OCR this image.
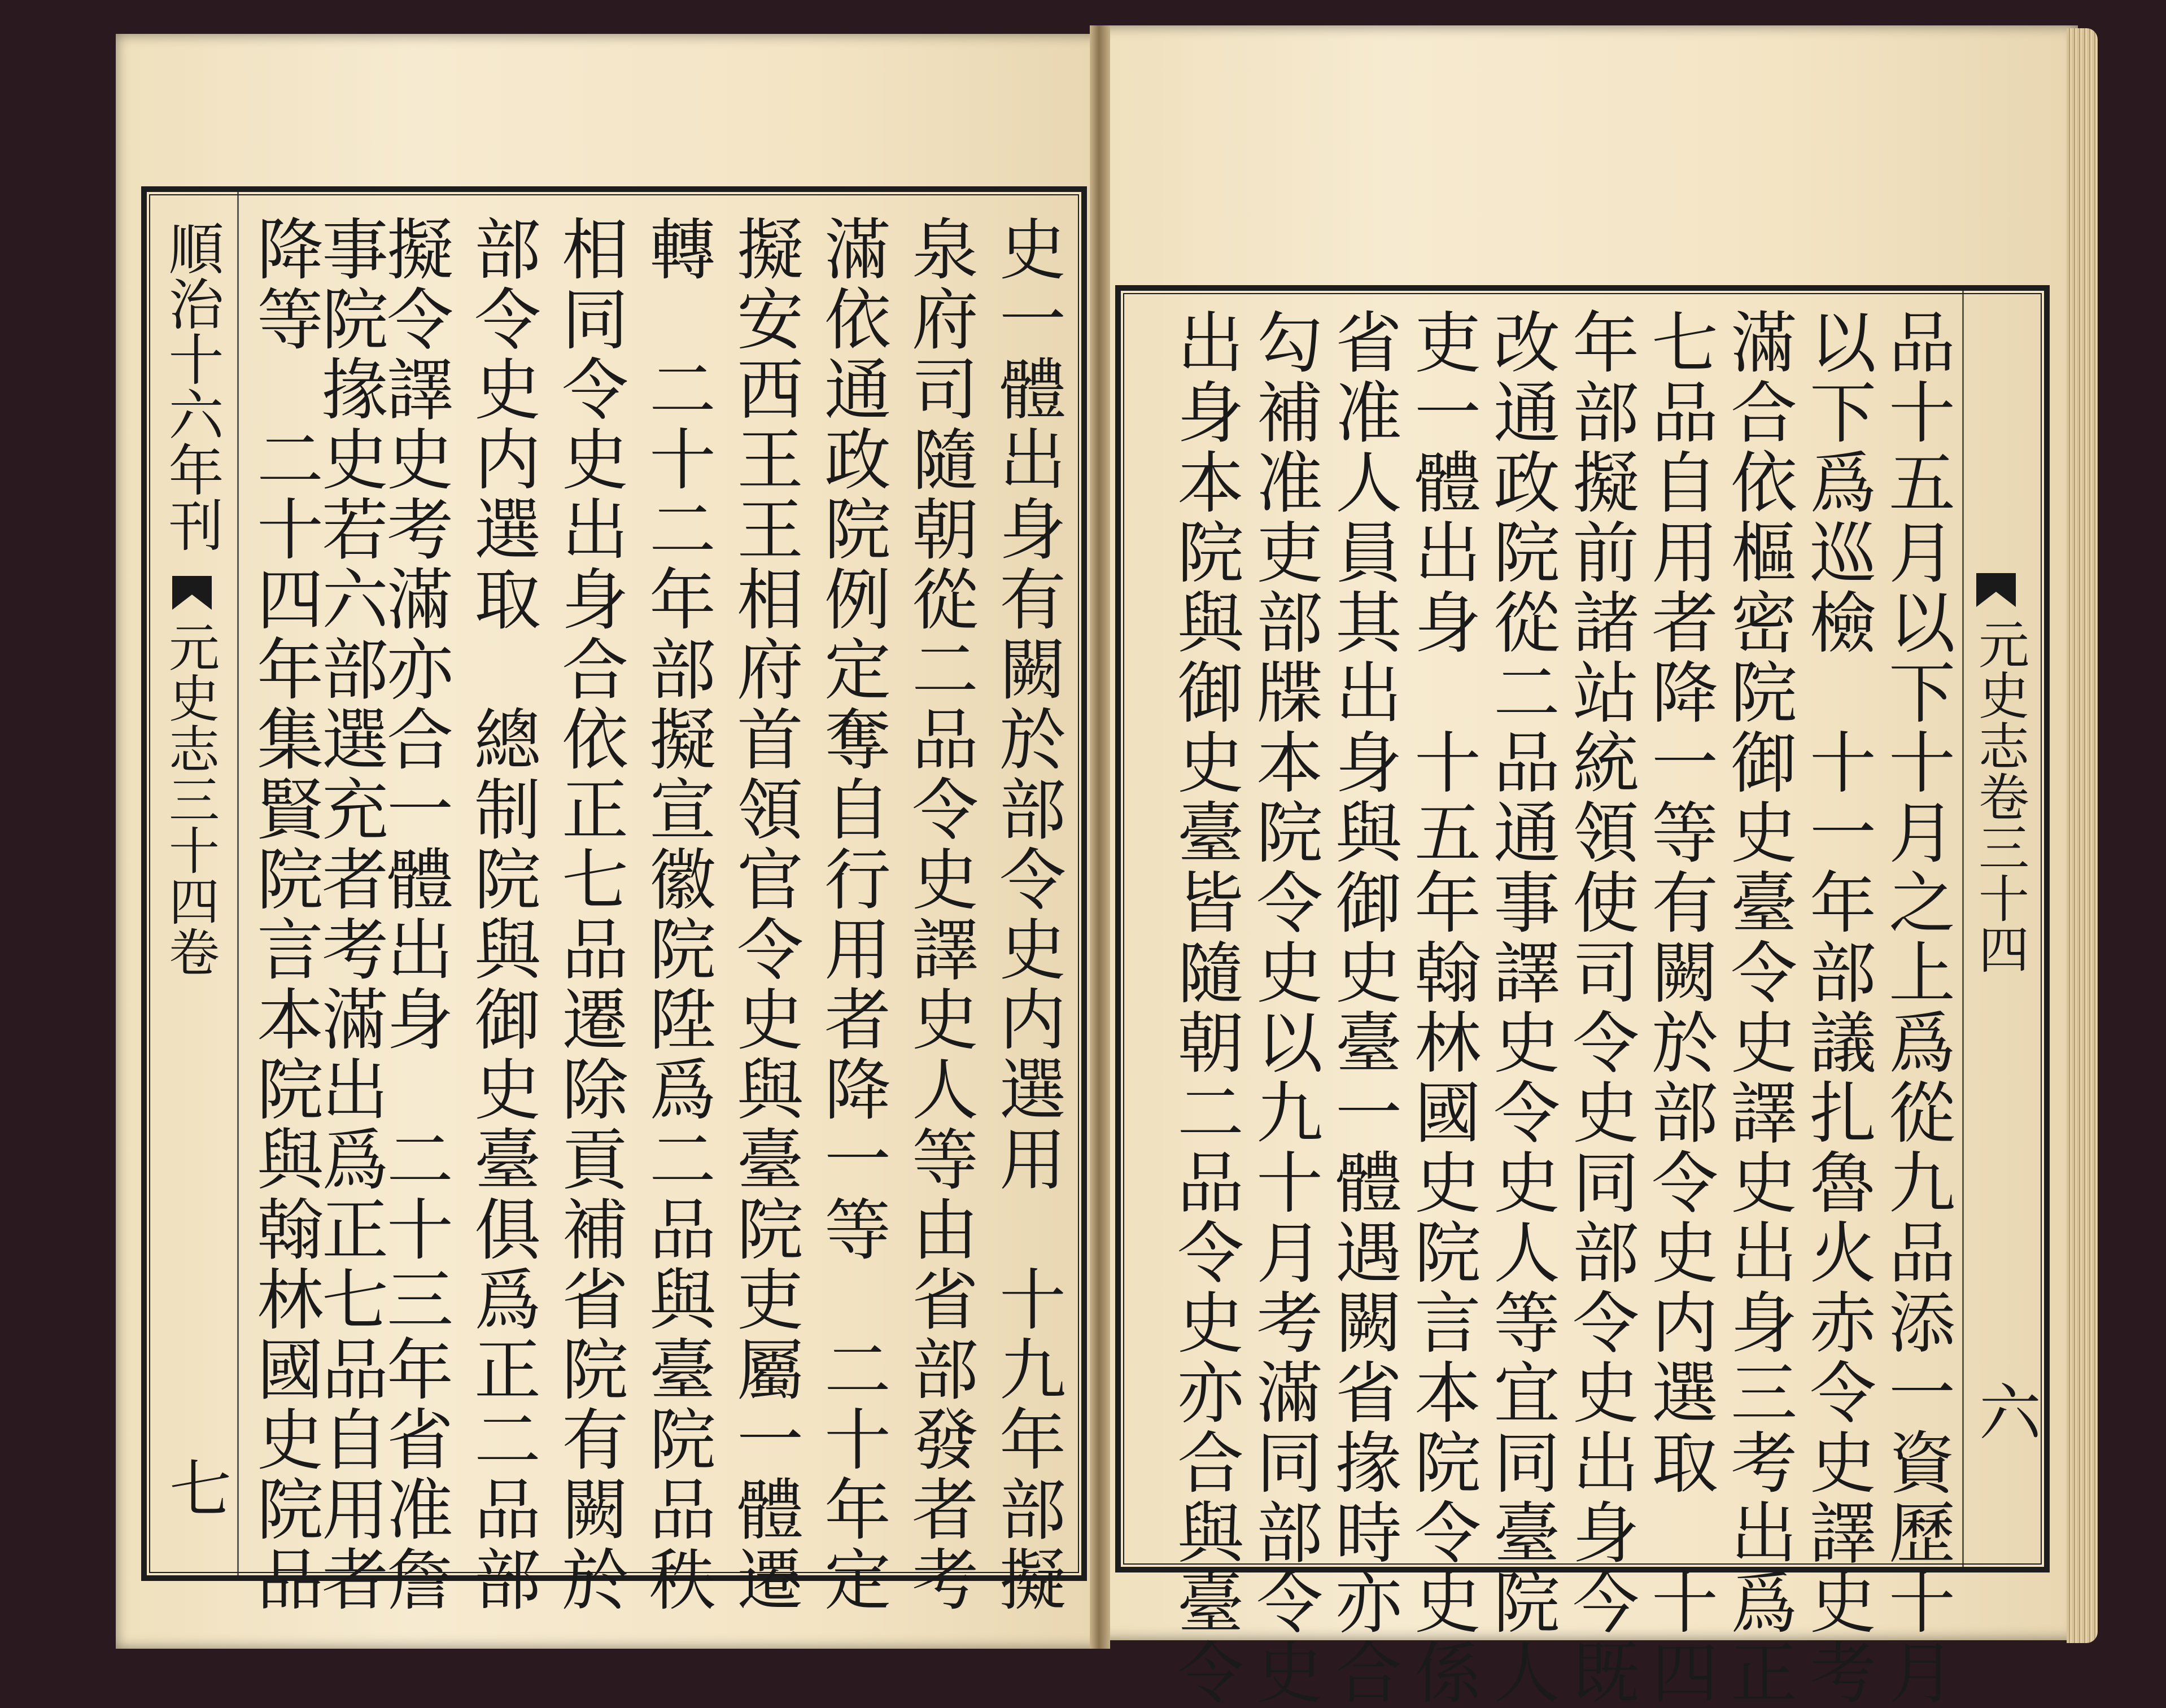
順治十六年刊
元史志三十四卷
七	史一體出身有闕於部令史内選用　十九年部擬
泉府司隨朝從二品令史譯史人等由省部發者考
滿依通政院例定奪自行用者降一等　二十年定
擬安西王王相府首領官令史與臺院吏屬一體遷
轉　二十二年部擬宣徽院陞爲二品與臺院品秩
相同令史出身合依正七品遷除貢補省院有闕於
部令史内選取　總制院與御史臺俱爲正二品部
擬令譯史考滿亦合一體出身　二十三年省准詹
事院掾史若六部選充者考滿出爲正七品自用者
降等　二十四年集賢院言本院與翰林國史院品	元史志卷三十四
六
品十五月以下十月之上爲從九品添一資歷十月
以下爲巡檢　十一年部議扎魯火赤令史譯史考
滿合依樞密院御史臺令史譯史出身三考出爲正
七品自用者降一等有闕於部令史内選取　十四
年部擬前諸站統領使司令史同部令史出身今既
改通政院從二品通事譯史令史人等宜同臺院人
吏一體出身　十五年翰林國史院言本院令史係
省准人員其出身與御史臺一體遇闕省掾時亦合
勾補准吏部牒本院令史以九十月考滿同部令史
出身本院與御史臺皆隨朝二品令史亦合與臺令
